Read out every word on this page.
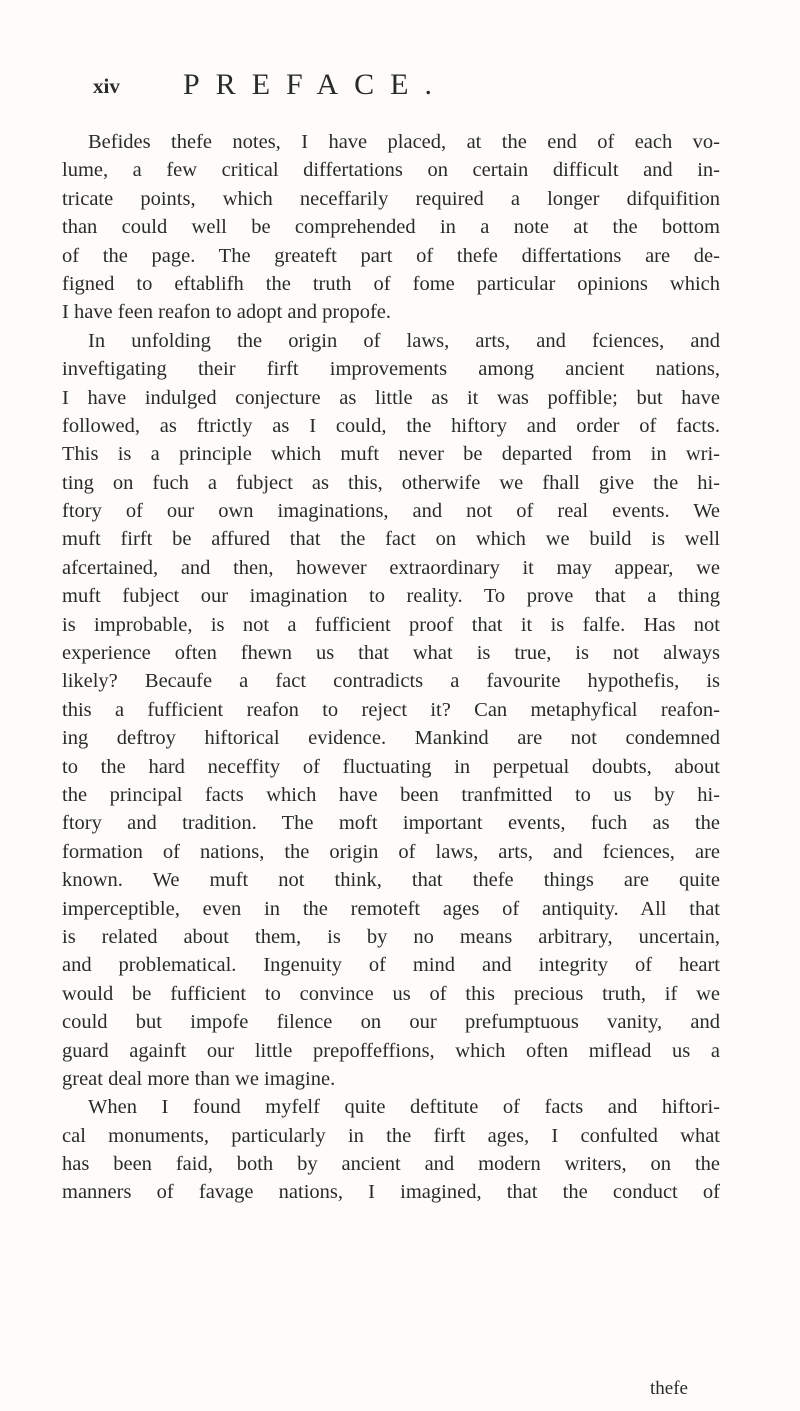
xiv PREFACE.
Befides thefe notes, I have placed, at the end of each vo-
lume, a few critical differtations on certain difficult and in-
tricate points, which neceffarily required a longer difquifition
than could well be comprehended in a note at the bottom
of the page. The greateft part of thefe differtations are de-
figned to eftablifh the truth of fome particular opinions which
I have feen reafon to adopt and propofe.
In unfolding the origin of laws, arts, and fciences, and
inveftigating their firft improvements among ancient nations,
I have indulged conjecture as little as it was poffible; but have
followed, as ftrictly as I could, the hiftory and order of facts.
This is a principle which muft never be departed from in wri-
ting on fuch a fubject as this, otherwife we fhall give the hi-
ftory of our own imaginations, and not of real events. We
muft firft be affured that the fact on which we build is well
afcertained, and then, however extraordinary it may appear, we
muft fubject our imagination to reality. To prove that a thing
is improbable, is not a fufficient proof that it is falfe. Has not
experience often fhewn us that what is true, is not always
likely? Becaufe a fact contradicts a favourite hypothefis, is
this a fufficient reafon to reject it? Can metaphyfical reafon-
ing deftroy hiftorical evidence. Mankind are not condemned
to the hard neceffity of fluctuating in perpetual doubts, about
the principal facts which have been tranfmitted to us by hi-
ftory and tradition. The moft important events, fuch as the
formation of nations, the origin of laws, arts, and fciences, are
known. We muft not think, that thefe things are quite
imperceptible, even in the remoteft ages of antiquity. All that
is related about them, is by no means arbitrary, uncertain,
and problematical. Ingenuity of mind and integrity of heart
would be fufficient to convince us of this precious truth, if we
could but impofe filence on our prefumptuous vanity, and
guard againft our little prepoffeffions, which often miflead us a
great deal more than we imagine.
When I found myfelf quite deftitute of facts and hiftori-
cal monuments, particularly in the firft ages, I confulted what
has been faid, both by ancient and modern writers, on the
manners of favage nations, I imagined, that the conduct of
thefe
